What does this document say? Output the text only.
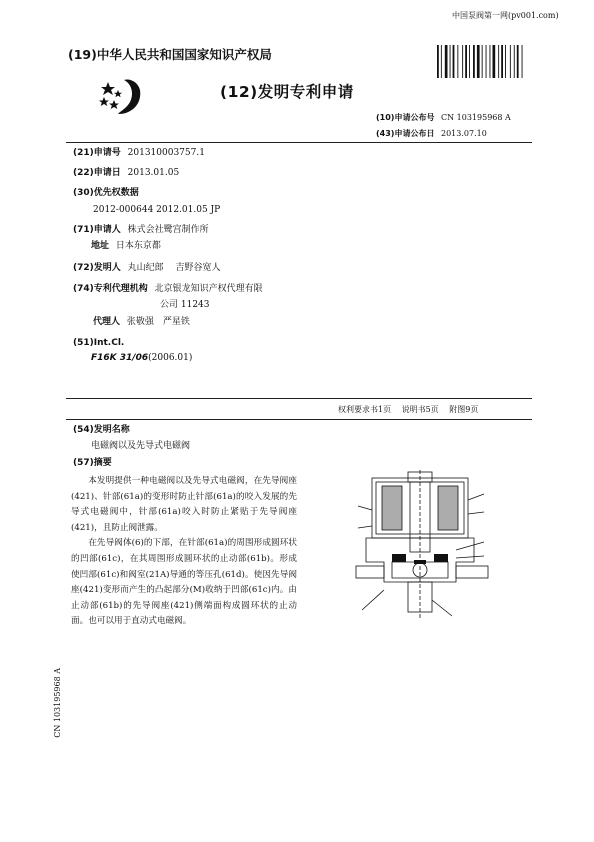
中国泵阀第一网(pv001.com)
(19)中华人民共和国国家知识产权局
(12)发明专利申请
(10)申请公布号 CN 103195968 A
(43)申请公布日 2013.07.10
(21)申请号 201310003757.1
(22)申请日 2013.01.05
(30)优先权数据
2012-000644 2012.01.05 JP
(71)申请人 株式会社鹭宫制作所
地址 日本东京都
(72)发明人 丸山纪郎　 吉野谷宽人
(74)专利代理机构 北京银龙知识产权代理有限
公司 11243
代理人 张敬强　严星铁
(51)Int.Cl.
F16K 31/06(2006.01)
权利要求书1页　 说明书5页　 附图9页
(54)发明名称
电磁阀以及先导式电磁阀
(57)摘要

本发明提供一种电磁阀以及先导式电磁阀，在先导阀座(421)、针部(61a)的变形时防止针部(61a)的咬入发展的先导式电磁阀中，针部(61a)咬入时防止紧贴于先导阀座(421)，且防止阀泄露。

在先导阀体(6)的下部，在针部(61a)的周围形成圆环状的凹部(61c)，在其周围形成圆环状的止动部(61b)。形成使凹部(61c)和阀室(21A)导通的等压孔(61d)。使因先导阀座(421)变形而产生的凸起部分(M)收纳于凹部(61c)内。由止动部(61b)的先导阀座(421)侧端面构成圆环状的止动面。也可以用于直动式电磁阀。

CN 103195968 A
